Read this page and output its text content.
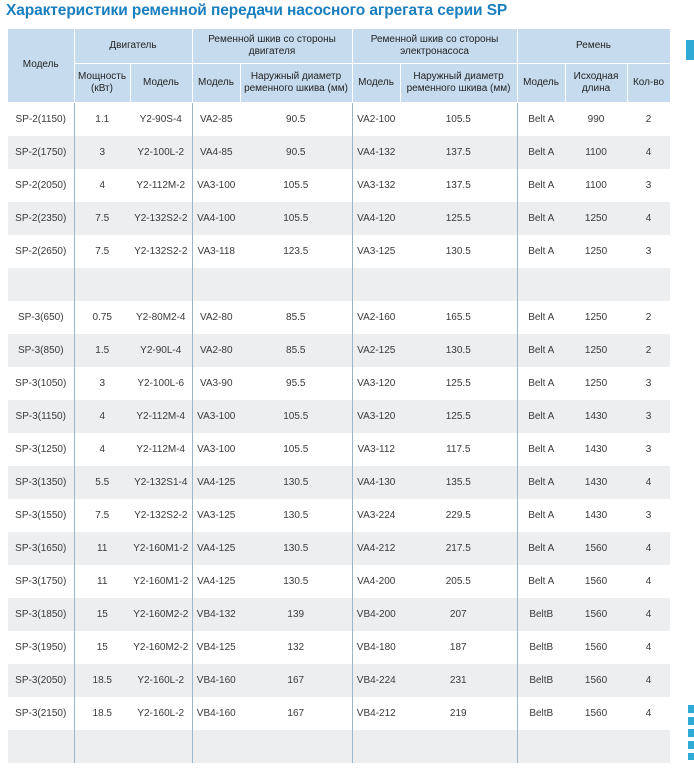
Характеристики ременной передачи насосного агрегата серии SP
Модель	Двигатель		Ременной шкив со стороны двигателя		Ременной шкив со стороны электронасоса		Ремень		
	Мощность (кВт)	Модель	Модель	Наружный диаметр ременного шкива (мм)	Модель	Наружный диаметр ременного шкива (мм)	Модель	Исходная длина	Кол-во
SP-2(1150)	1.1	Y2-90S-4	VA2-85	90.5	VA2-100	105.5	Belt A	990	2
SP-2(1750)	3	Y2-100L-2	VA4-85	90.5	VA4-132	137.5	Belt A	1100	4
SP-2(2050)	4	Y2-112M-2	VA3-100	105.5	VA3-132	137.5	Belt A	1100	3
SP-2(2350)	7.5	Y2-132S2-2	VA4-100	105.5	VA4-120	125.5	Belt A	1250	4
SP-2(2650)	7.5	Y2-132S2-2	VA3-118	123.5	VA3-125	130.5	Belt A	1250	3

SP-3(650)	0.75	Y2-80M2-4	VA2-80	85.5	VA2-160	165.5	Belt A	1250	2
SP-3(850)	1.5	Y2-90L-4	VA2-80	85.5	VA2-125	130.5	Belt A	1250	2
SP-3(1050)	3	Y2-100L-6	VA3-90	95.5	VA3-120	125.5	Belt A	1250	3
SP-3(1150)	4	Y2-112M-4	VA3-100	105.5	VA3-120	125.5	Belt A	1430	3
SP-3(1250)	4	Y2-112M-4	VA3-100	105.5	VA3-112	117.5	Belt A	1430	3
SP-3(1350)	5.5	Y2-132S1-4	VA4-125	130.5	VA4-130	135.5	Belt A	1430	4
SP-3(1550)	7.5	Y2-132S2-2	VA3-125	130.5	VA3-224	229.5	Belt A	1430	3
SP-3(1650)	11	Y2-160M1-2	VA4-125	130.5	VA4-212	217.5	Belt A	1560	4
SP-3(1750)	11	Y2-160M1-2	VA4-125	130.5	VA4-200	205.5	Belt A	1560	4
SP-3(1850)	15	Y2-160M2-2	VB4-132	139	VB4-200	207	BeltB	1560	4
SP-3(1950)	15	Y2-160M2-2	VB4-125	132	VB4-180	187	BeltB	1560	4
SP-3(2050)	18.5	Y2-160L-2	VB4-160	167	VB4-224	231	BeltB	1560	4
SP-3(2150)	18.5	Y2-160L-2	VB4-160	167	VB4-212	219	BeltB	1560	4
